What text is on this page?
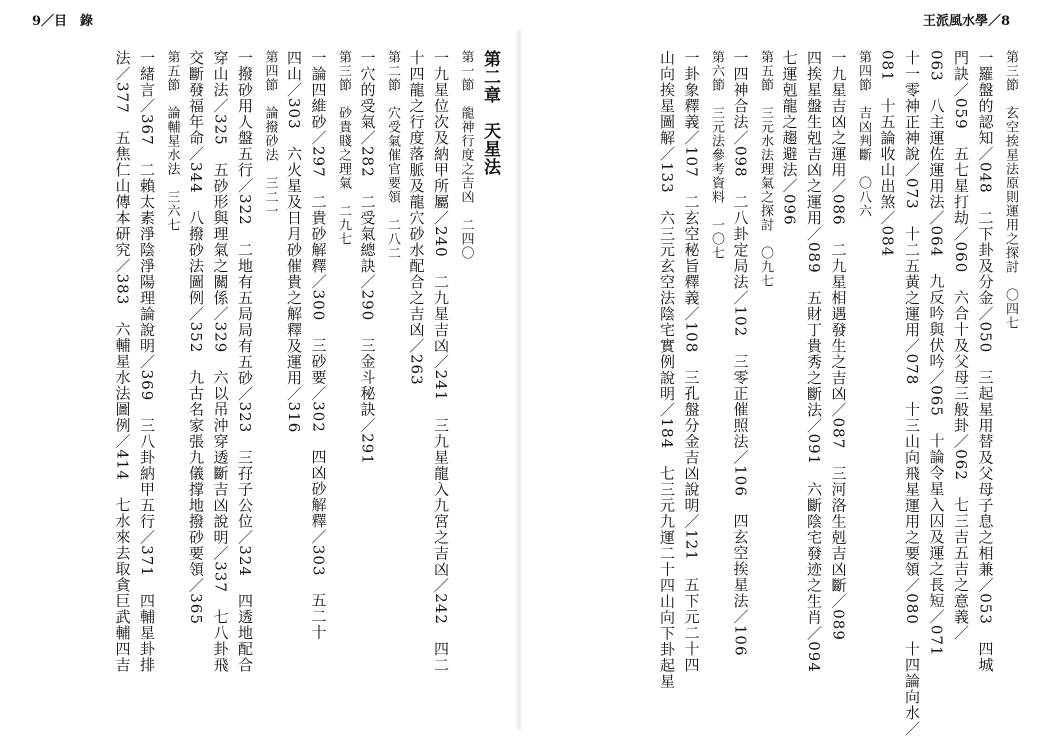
9／目　錄
第二章　天星法
第一節　龍神行度之吉凶　二四〇
一九星位次及納甲所屬／240　二九星吉凶／241　三九星龍入九宮之吉凶／242　四二
十四龍之行度落脈及龍穴砂水配合之吉凶／263
第二節　穴受氣催官要領　二八二
一穴的受氣／282　二受氣總訣／290　三金斗秘訣／291
第三節　砂貴賤之理氣　二九七
一論四維砂／297　二貴砂解釋／300　三砂要／302　四凶砂解釋／303　五二十
四山／303　六火星及日月砂催貴之解釋及運用／316
第四節　論撥砂法　三二一
一撥砂用人盤五行／322　二地有五局局有五砂／323　三孖子公位／324　四透地配合
穿山法／325　五砂形與理氣之關係／329　六以吊沖穿透斷吉凶說明／337　七八卦飛
交斷發福年命／344　八撥砂法圖例／352　九古名家張九儀撑地撥砂要領／365
第五節　論輔星水法　三六七
一緒言／367　二賴太素淨陰淨陽理論說明／369　三八卦納甲五行／371　四輔星卦排
法／377　五焦仁山傳本研究／383　六輔星水法圖例／414　七水來去取貪巨武輔四吉
王派風水學／8
第三節　玄空挨星法原則運用之探討　〇四七
一羅盤的認知／048　二下卦及分金／050　三起星用替及父母子息之相兼／053　四城
門訣／059　五七星打劫／060　六合十及父母三般卦／062　七三吉五吉之意義／
063　八主運佐運用法／064　九反吟與伏吟／065　十論令星入囚及運之長短／071
十一零神正神說／073　十二五黃之運用／078　十三山向飛星運用之要領／080　十四論向水／
081　十五論收山出煞／084
第四節　吉凶判斷　〇八六
一九星吉凶之運用／086　二九星相遇發生之吉凶／087　三河洛生剋吉凶斷／089
四挨星盤生剋吉凶之運用／089　五財丁貴秀之斷法／091　六斷陰宅發迹之生肖／094
七運剋龍之趨避法／096
第五節　三元水法理氣之探討　〇九七
一四神合法／098　二八卦定局法／102　三零正催照法／106　四玄空挨星法／106
第六節　三元法參考資料　一〇七
一卦象釋義／107　二玄空秘旨釋義／108　三孔盤分金吉凶說明／121　五下元二十四
山向挨星圖解／133　六三元玄空法陰宅實例說明／184　七三元九運二十四山向下卦起星
